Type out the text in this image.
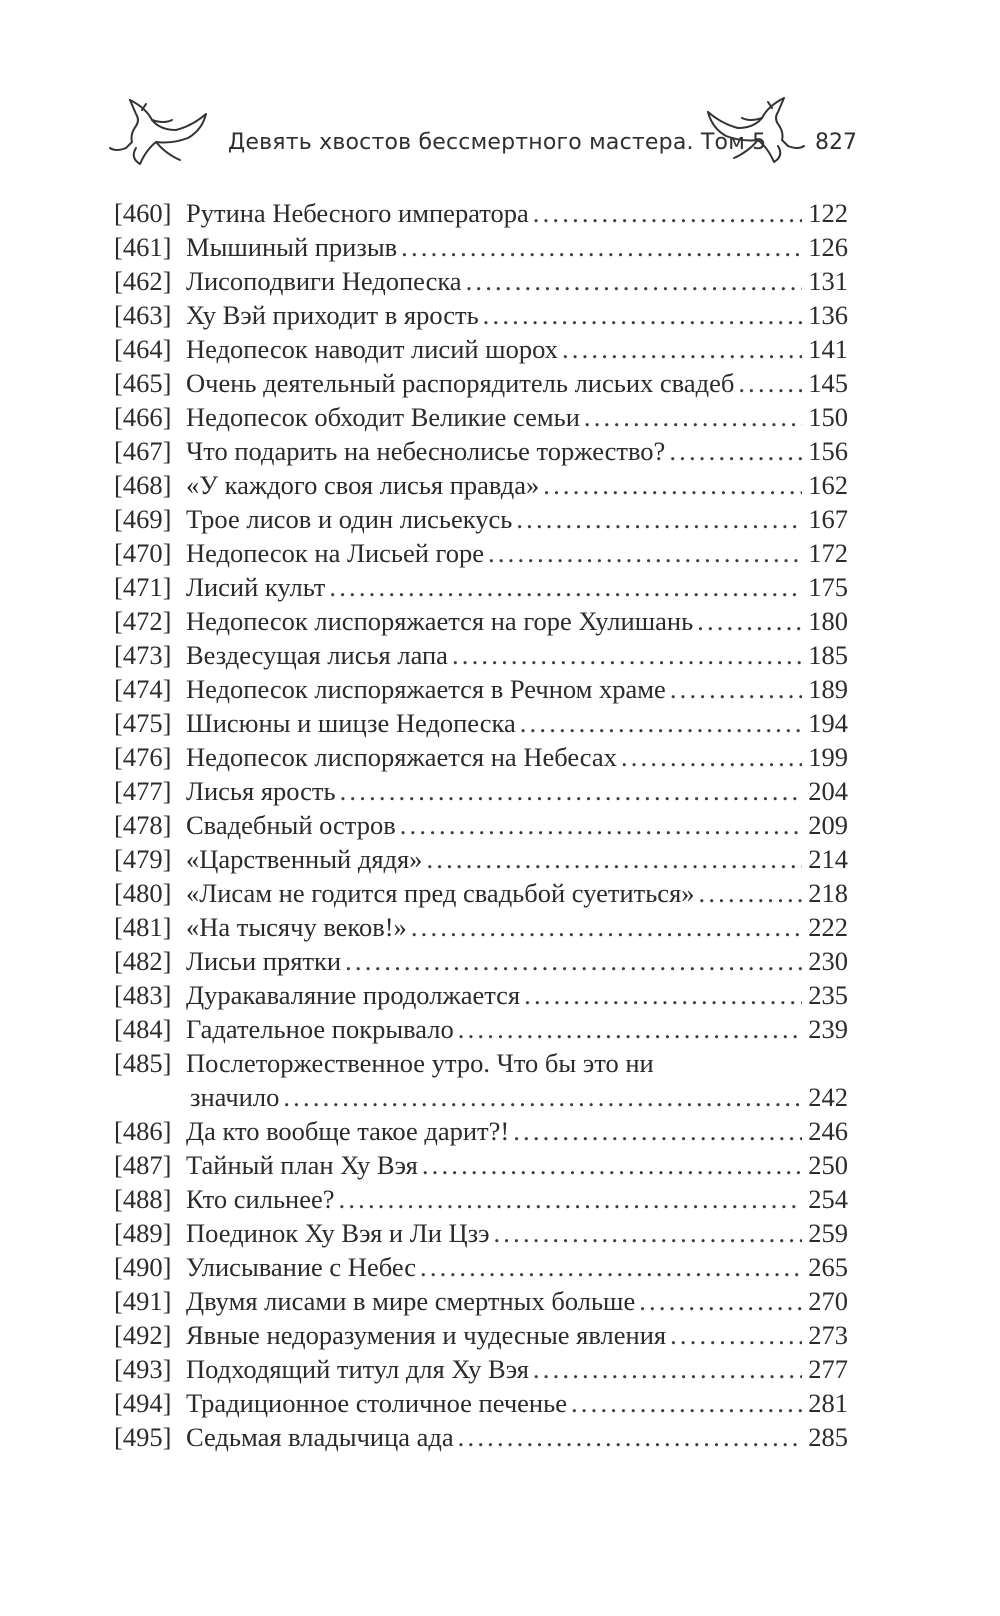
Девять хвостов бессмертного мастера. Том 5 827
[460] Рутина Небесного императора .....	122
[461] Мышиный призыв .....	126
[462] Лисоподвиги Недопеска .....	131
[463] Ху Вэй приходит в ярость .....	136
[464] Недопесок наводит лисий шорох .....	141
[465] Очень деятельный распорядитель лисьих свадеб .....	145
[466] Недопесок обходит Великие семьи .....	150
[467] Что подарить на небеснолисье торжество? .....	156
[468] «У каждого своя лисья правда» .....	162
[469] Трое лисов и один лисьекусь .....	167
[470] Недопесок на Лисьей горе .....	172
[471] Лисий культ .....	175
[472] Недопесок лиспоряжается на горе Хулишань .....	180
[473] Вездесущая лисья лапа .....	185
[474] Недопесок лиспоряжается в Речном храме .....	189
[475] Шисюны и шицзе Недопеска .....	194
[476] Недопесок лиспоряжается на Небесах .....	199
[477] Лисья ярость .....	204
[478] Свадебный остров .....	209
[479] «Царственный дядя» .....	214
[480] «Лисам не годится пред свадьбой суетиться» .....	218
[481] «На тысячу веков!» .....	222
[482] Лисьи прятки .....	230
[483] Дуракаваляние продолжается .....	235
[484] Гадательное покрывало .....	239
[485] Послеторжественное утро. Что бы это ни
значило .....	242
[486] Да кто вообще такое дарит?! .....	246
[487] Тайный план Ху Вэя .....	250
[488] Кто сильнее? .....	254
[489] Поединок Ху Вэя и Ли Цзэ .....	259
[490] Улисывание с Небес .....	265
[491] Двумя лисами в мире смертных больше .....	270
[492] Явные недоразумения и чудесные явления .....	273
[493] Подходящий титул для Ху Вэя .....	277
[494] Традиционное столичное печенье .....	281
[495] Седьмая владычица ада .....	285
